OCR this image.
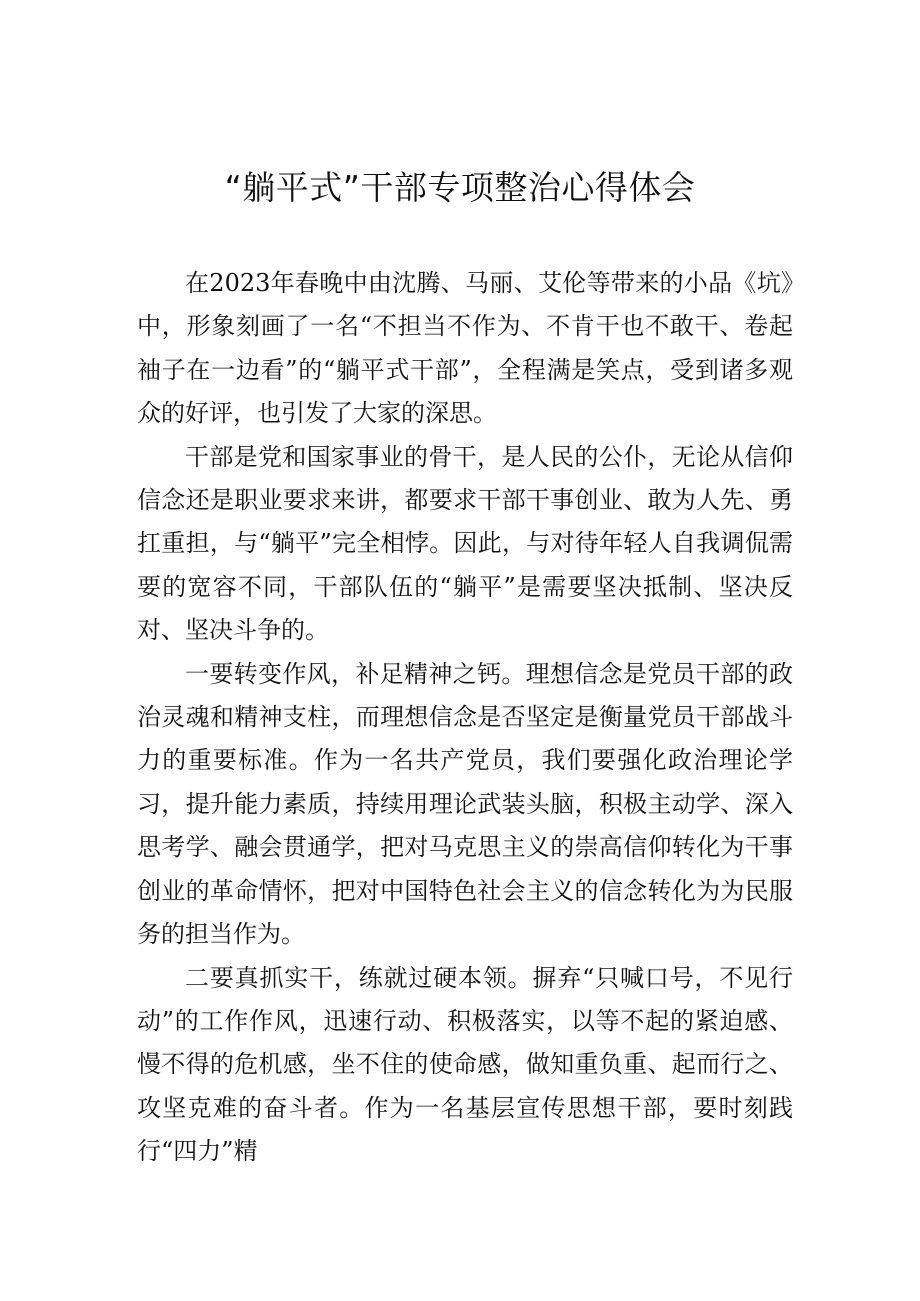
“躺平式”干部专项整治心得体会

在2023年春晚中由沈腾、马丽、艾伦等带来的小品《坑》中，形象刻画了一名“不担当不作为、不肯干也不敢干、卷起袖子在一边看”的“躺平式干部”，全程满是笑点，受到诸多观众的好评，也引发了大家的深思。

干部是党和国家事业的骨干，是人民的公仆，无论从信仰信念还是职业要求来讲，都要求干部干事创业、敢为人先、勇扛重担，与“躺平”完全相悖。因此，与对待年轻人自我调侃需要的宽容不同，干部队伍的“躺平”是需要坚决抵制、坚决反对、坚决斗争的。

一要转变作风，补足精神之钙。理想信念是党员干部的政治灵魂和精神支柱，而理想信念是否坚定是衡量党员干部战斗力的重要标准。作为一名共产党员，我们要强化政治理论学习，提升能力素质，持续用理论武装头脑，积极主动学、深入思考学、融会贯通学，把对马克思主义的崇高信仰转化为干事创业的革命情怀，把对中国特色社会主义的信念转化为为民服务的担当作为。

二要真抓实干，练就过硬本领。摒弃“只喊口号，不见行动”的工作作风，迅速行动、积极落实，以等不起的紧迫感、慢不得的危机感，坐不住的使命感，做知重负重、起而行之、攻坚克难的奋斗者。作为一名基层宣传思想干部，要时刻践行“四力”精
